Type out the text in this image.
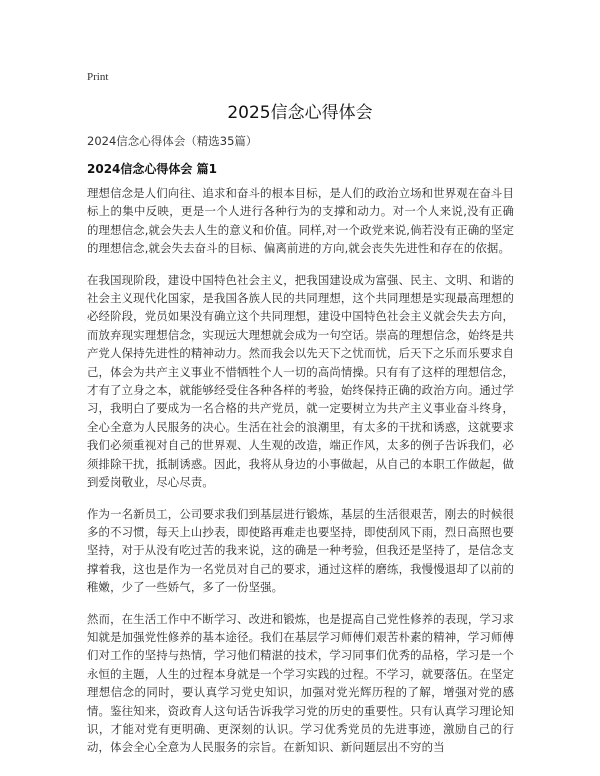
Print
2025信念心得体会
2024信念心得体会（精选35篇）
2024信念心得体会 篇1

理想信念是人们向往、追求和奋斗的根本目标，是人们的政治立场和世界观在奋斗目标上的集中反映，更是一个人进行各种行为的支撑和动力。对一个人来说,没有正确的理想信念,就会失去人生的意义和价值。同样,对一个政党来说,倘若没有正确的坚定的理想信念,就会失去奋斗的目标、偏离前进的方向,就会丧失先进性和存在的依据。

在我国现阶段，建设中国特色社会主义，把我国建设成为富强、民主、文明、和谐的社会主义现代化国家，是我国各族人民的共同理想，这个共同理想是实现最高理想的必经阶段，党员如果没有确立这个共同理想，建设中国特色社会主义就会失去方向，而放弃现实理想信念，实现远大理想就会成为一句空话。崇高的理想信念，始终是共产党人保持先进性的精神动力。然而我会以先天下之忧而忧，后天下之乐而乐要求自己，体会为共产主义事业不惜牺牲个人一切的高尚情操。只有有了这样的理想信念，才有了立身之本，就能够经受住各种各样的考验，始终保持正确的政治方向。通过学习，我明白了要成为一名合格的共产党员，就一定要树立为共产主义事业奋斗终身，全心全意为人民服务的决心。生活在社会的浪潮里，有太多的干扰和诱惑，这就要求我们必须重视对自己的世界观、人生观的改造，端正作风，太多的例子告诉我们，必须排除干扰，抵制诱惑。因此，我将从身边的小事做起，从自己的本职工作做起，做到爱岗敬业，尽心尽责。

作为一名新员工，公司要求我们到基层进行锻炼，基层的生活很艰苦，刚去的时候很多的不习惯，每天上山抄表，即使路再难走也要坚持，即使刮风下雨，烈日高照也要坚持，对于从没有吃过苦的我来说，这的确是一种考验，但我还是坚持了，是信念支撑着我，这也是作为一名党员对自己的要求，通过这样的磨练，我慢慢退却了以前的稚嫩，少了一些娇气，多了一份坚强。

然而，在生活工作中不断学习、改进和锻炼，也是提高自己党性修养的表现，学习求知就是加强党性修养的基本途径。我们在基层学习师傅们艰苦朴素的精神，学习师傅们对工作的坚持与热情，学习他们精湛的技术，学习同事们优秀的品格，学习是一个永恒的主题，人生的过程本身就是一个学习实践的过程。不学习，就要落伍。在坚定理想信念的同时，要认真学习党史知识，加强对党光辉历程的了解，增强对党的感情。鉴往知来，资政育人这句话告诉我学习党的历史的重要性。只有认真学习理论知识，才能对党有更明确、更深刻的认识。学习优秀党员的先进事迹，激励自己的行动，体会全心全意为人民服务的宗旨。在新知识、新问题层出不穷的当
